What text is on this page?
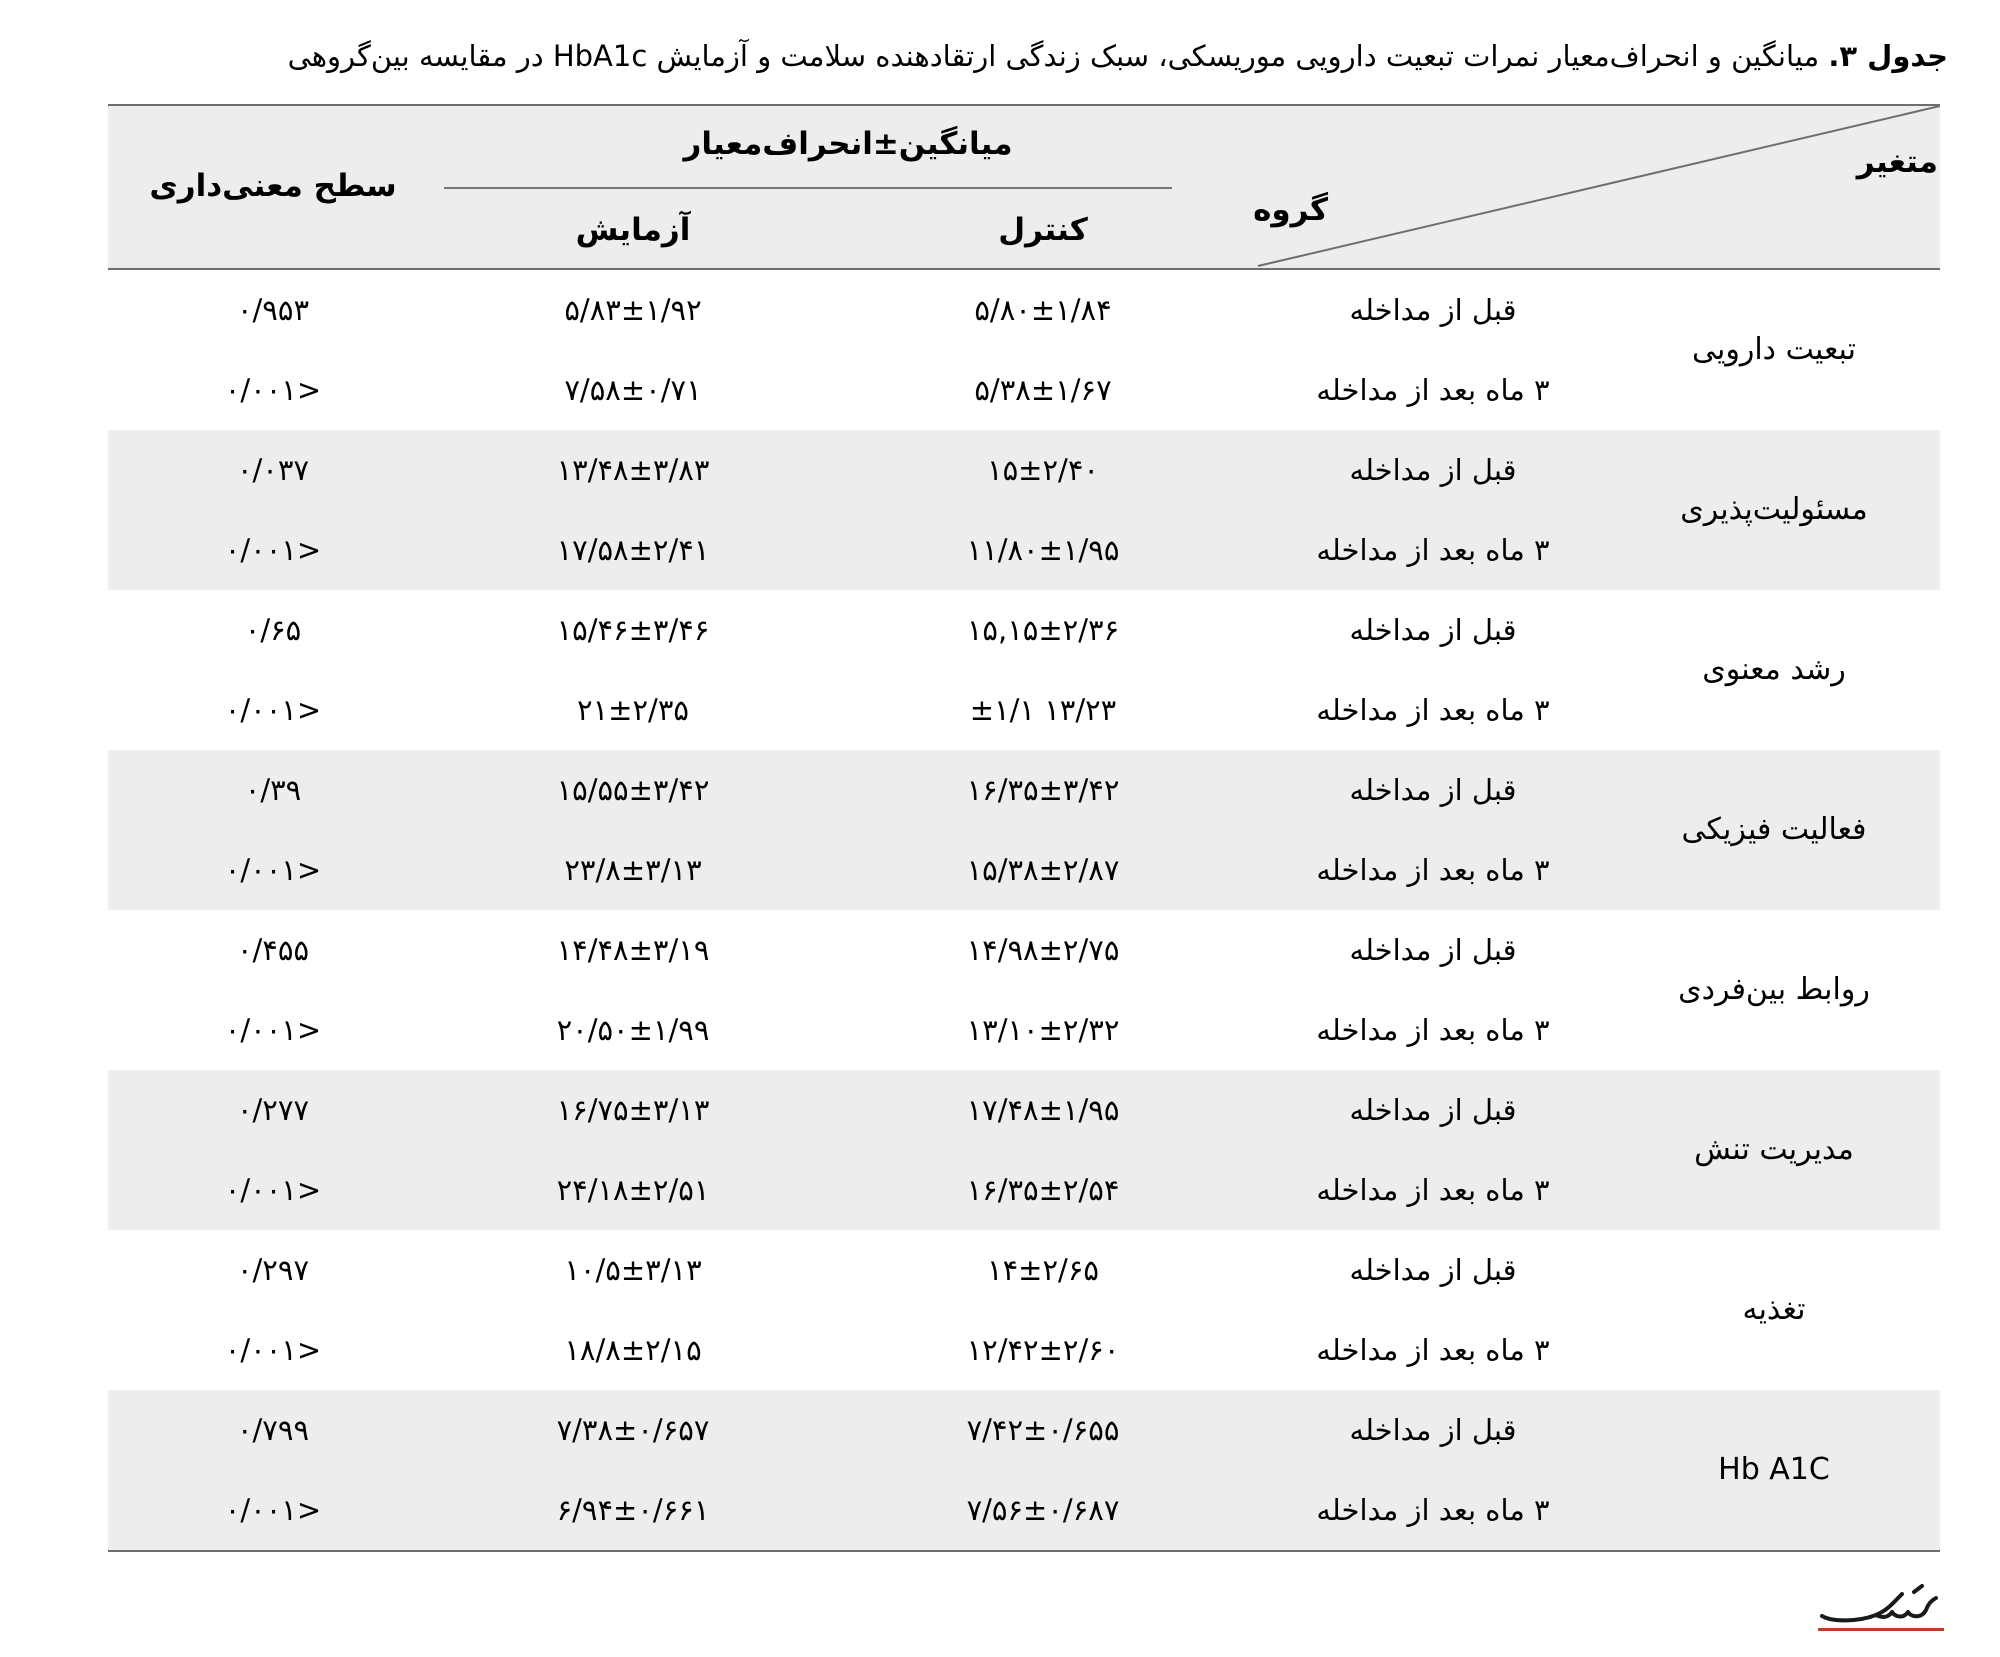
جدول ۳. میانگین و انحراف‌معیار نمرات تبعیت دارویی موریسکی، سبک زندگی ارتقادهنده سلامت و آزمایش HbA1c در مقایسه بین‌گروهی
متغیر
گروه
میانگین±انحراف‌معیار
کنترل
آزمایش
سطح معنی‌داری
تبعیت دارویی
قبل از مداخله
۵/۸۰±۱/۸۴
۵/۸۳±۱/۹۲
۰/۹۵۳
۳ ماه بعد از مداخله
۵/۳۸±۱/۶۷
۷/۵۸±۰/۷۱
<۰/۰۰۱
مسئولیت‌پذیری
قبل از مداخله
۱۵±۲/۴۰
۱۳/۴۸±۳/۸۳
۰/۰۳۷
۳ ماه بعد از مداخله
۱۱/۸۰±۱/۹۵
۱۷/۵۸±۲/۴۱
<۰/۰۰۱
رشد معنوی
قبل از مداخله
۱۵,۱۵±۲/۳۶
۱۵/۴۶±۳/۴۶
۰/۶۵
۳ ماه بعد از مداخله
۱۳/۲۳ ±۱/۱
۲۱±۲/۳۵
<۰/۰۰۱
فعالیت فیزیکی
قبل از مداخله
۱۶/۳۵±۳/۴۲
۱۵/۵۵±۳/۴۲
۰/۳۹
۳ ماه بعد از مداخله
۱۵/۳۸±۲/۸۷
۲۳/۸±۳/۱۳
<۰/۰۰۱
روابط بین‌فردی
قبل از مداخله
۱۴/۹۸±۲/۷۵
۱۴/۴۸±۳/۱۹
۰/۴۵۵
۳ ماه بعد از مداخله
۱۳/۱۰±۲/۳۲
۲۰/۵۰±۱/۹۹
<۰/۰۰۱
مدیریت تنش
قبل از مداخله
۱۷/۴۸±۱/۹۵
۱۶/۷۵±۳/۱۳
۰/۲۷۷
۳ ماه بعد از مداخله
۱۶/۳۵±۲/۵۴
۲۴/۱۸±۲/۵۱
<۰/۰۰۱
تغذیه
قبل از مداخله
۱۴±۲/۶۵
۱۰/۵±۳/۱۳
۰/۲۹۷
۳ ماه بعد از مداخله
۱۲/۴۲±۲/۶۰
۱۸/۸±۲/۱۵
<۰/۰۰۱
Hb A1C
قبل از مداخله
۷/۴۲±۰/۶۵۵
۷/۳۸±۰/۶۵۷
۰/۷۹۹
۳ ماه بعد از مداخله
۷/۵۶±۰/۶۸۷
۶/۹۴±۰/۶۶۱
<۰/۰۰۱
